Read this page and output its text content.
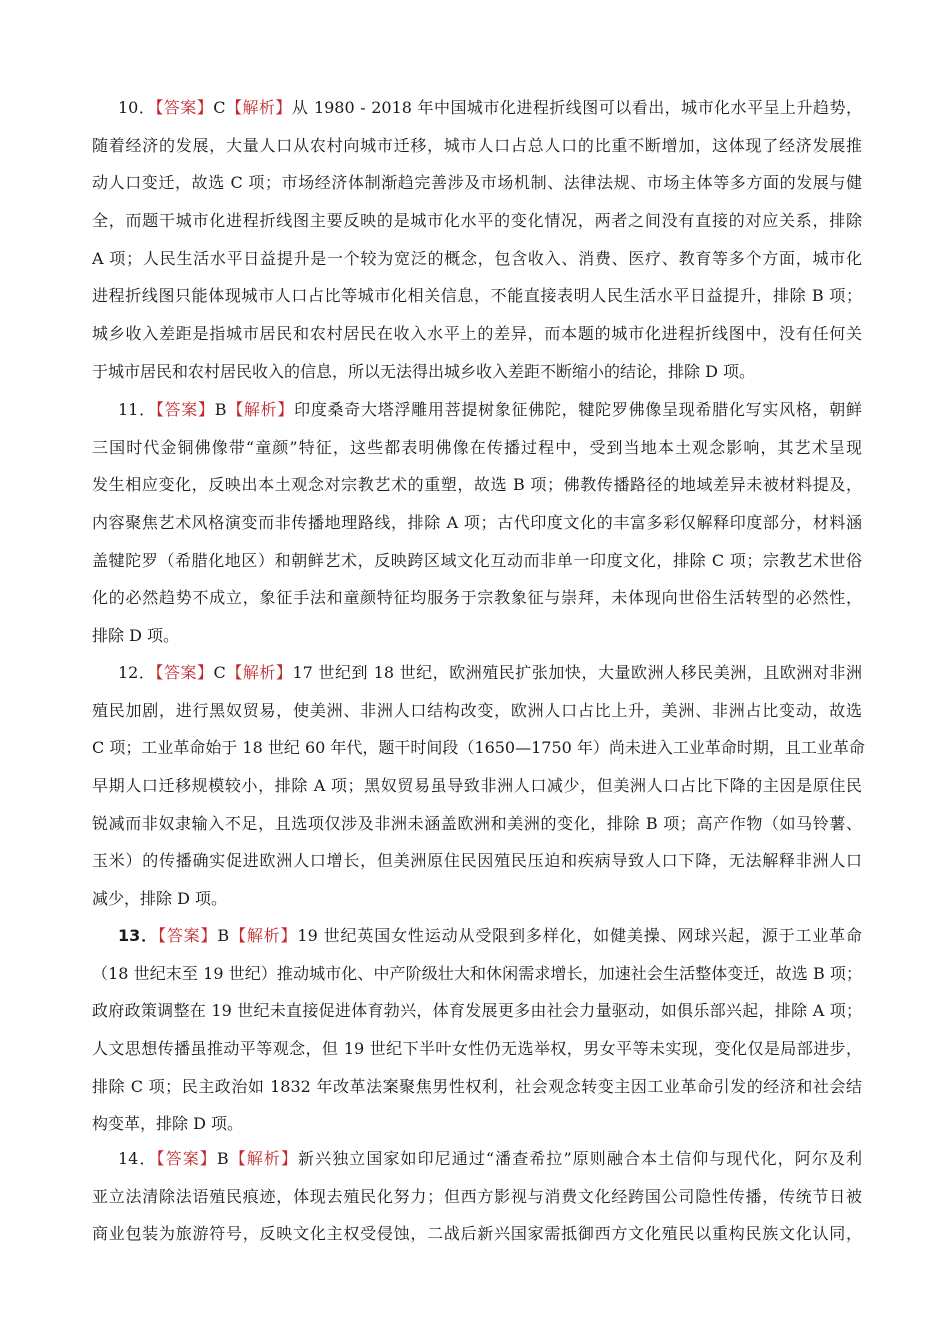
10．【答案】C【解析】从 1980 - 2018 年中国城市化进程折线图可以看出，城市化水平呈上升趋势，
随着经济的发展，大量人口从农村向城市迁移，城市人口占总人口的比重不断增加，这体现了经济发展推
动人口变迁，故选 C 项；市场经济体制渐趋完善涉及市场机制、法律法规、市场主体等多方面的发展与健
全，而题干城市化进程折线图主要反映的是城市化水平的变化情况，两者之间没有直接的对应关系，排除
A 项；人民生活水平日益提升是一个较为宽泛的概念，包含收入、消费、医疗、教育等多个方面，城市化
进程折线图只能体现城市人口占比等城市化相关信息，不能直接表明人民生活水平日益提升，排除 B 项；
城乡收入差距是指城市居民和农村居民在收入水平上的差异，而本题的城市化进程折线图中，没有任何关
于城市居民和农村居民收入的信息，所以无法得出城乡收入差距不断缩小的结论，排除 D 项。
11．【答案】B【解析】印度桑奇大塔浮雕用菩提树象征佛陀，犍陀罗佛像呈现希腊化写实风格，朝鲜
三国时代金铜佛像带“童颜”特征，这些都表明佛像在传播过程中，受到当地本土观念影响，其艺术呈现
发生相应变化，反映出本土观念对宗教艺术的重塑，故选 B 项；佛教传播路径的地域差异未被材料提及，
内容聚焦艺术风格演变而非传播地理路线，排除 A 项；古代印度文化的丰富多彩仅解释印度部分，材料涵
盖犍陀罗（希腊化地区）和朝鲜艺术，反映跨区域文化互动而非单一印度文化，排除 C 项；宗教艺术世俗
化的必然趋势不成立，象征手法和童颜特征均服务于宗教象征与崇拜，未体现向世俗生活转型的必然性，
排除 D 项。
12．【答案】C【解析】17 世纪到 18 世纪，欧洲殖民扩张加快，大量欧洲人移民美洲，且欧洲对非洲
殖民加剧，进行黑奴贸易，使美洲、非洲人口结构改变，欧洲人口占比上升，美洲、非洲占比变动，故选
C 项；工业革命始于 18 世纪 60 年代，题干时间段（1650—1750 年）尚未进入工业革命时期，且工业革命
早期人口迁移规模较小，排除 A 项；黑奴贸易虽导致非洲人口减少，但美洲人口占比下降的主因是原住民
锐减而非奴隶输入不足，且选项仅涉及非洲未涵盖欧洲和美洲的变化，排除 B 项；高产作物（如马铃薯、
玉米）的传播确实促进欧洲人口增长，但美洲原住民因殖民压迫和疾病导致人口下降，无法解释非洲人口
减少，排除 D 项。
13．【答案】B【解析】19 世纪英国女性运动从受限到多样化，如健美操、网球兴起，源于工业革命
（18 世纪末至 19 世纪）推动城市化、中产阶级壮大和休闲需求增长，加速社会生活整体变迁，故选 B 项；
政府政策调整在 19 世纪未直接促进体育勃兴，体育发展更多由社会力量驱动，如俱乐部兴起，排除 A 项；
人文思想传播虽推动平等观念，但 19 世纪下半叶女性仍无选举权，男女平等未实现，变化仅是局部进步，
排除 C 项；民主政治如 1832 年改革法案聚焦男性权利，社会观念转变主因工业革命引发的经济和社会结
构变革，排除 D 项。
14．【答案】B【解析】新兴独立国家如印尼通过“潘查希拉”原则融合本土信仰与现代化，阿尔及利
亚立法清除法语殖民痕迹，体现去殖民化努力；但西方影视与消费文化经跨国公司隐性传播，传统节日被
商业包装为旅游符号，反映文化主权受侵蚀，二战后新兴国家需抵御西方文化殖民以重构民族文化认同，
